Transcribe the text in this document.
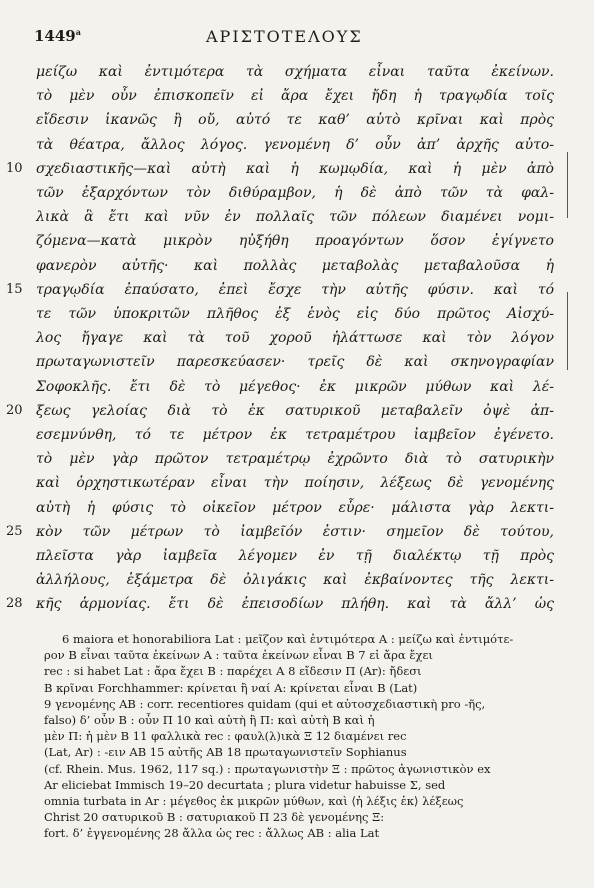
1449$^a$	ΑΡΙΣΤΟΤΕΛΟΥΣ
μείζω καὶ ἐντιμότερα τὰ σχήματα εἶναι ταῦτα ἐκείνων.
τὸ μὲν οὖν ἐπισκοπεῖν εἰ ἄρα ἔχει ἤδη ἡ τραγῳδία τοῖς
εἴδεσιν ἱκανῶς ἢ οὔ, αὐτό τε καθ’ αὑτὸ κρῖναι καὶ πρὸς
τὰ θέατρα, ἄλλος λόγος. γενομένη δ’ οὖν ἀπ’ ἀρχῆς αὐτο-
10 σχεδιαστικῆς—καὶ αὐτὴ καὶ ἡ κωμῳδία, καὶ ἡ μὲν ἀπὸ
τῶν ἐξαρχόντων τὸν διθύραμβον, ἡ δὲ ἀπὸ τῶν τὰ φαλ-
λικὰ ἃ ἔτι καὶ νῦν ἐν πολλαῖς τῶν πόλεων διαμένει νομι-
ζόμενα—κατὰ μικρὸν ηὐξήθη προαγόντων ὅσον ἐγίγνετο
φανερὸν αὐτῆς· καὶ πολλὰς μεταβολὰς μεταβαλοῦσα ἡ
15 τραγῳδία ἐπαύσατο, ἐπεὶ ἔσχε τὴν αὑτῆς φύσιν. καὶ τό
τε τῶν ὑποκριτῶν πλῆθος ἐξ ἑνὸς εἰς δύο πρῶτος Αἰσχύ-
λος ἤγαγε καὶ τὰ τοῦ χοροῦ ἠλάττωσε καὶ τὸν λόγον
πρωταγωνιστεῖν παρεσκεύασεν· τρεῖς δὲ καὶ σκηνογραφίαν
Σοφοκλῆς. ἔτι δὲ τὸ μέγεθος· ἐκ μικρῶν μύθων καὶ λέ-
20 ξεως γελοίας διὰ τὸ ἐκ σατυρικοῦ μεταβαλεῖν ὀψὲ ἀπ-
εσεμνύνθη, τό τε μέτρον ἐκ τετραμέτρου ἰαμβεῖον ἐγένετο.
τὸ μὲν γὰρ πρῶτον τετραμέτρῳ ἐχρῶντο διὰ τὸ σατυρικὴν
καὶ ὀρχηστικωτέραν εἶναι τὴν ποίησιν, λέξεως δὲ γενομένης
αὐτὴ ἡ φύσις τὸ οἰκεῖον μέτρον εὗρε· μάλιστα γὰρ λεκτι-
25 κὸν τῶν μέτρων τὸ ἰαμβεῖόν ἐστιν· σημεῖον δὲ τούτου,
πλεῖστα γὰρ ἰαμβεῖα λέγομεν ἐν τῇ διαλέκτῳ τῇ πρὸς
ἀλλήλους, ἑξάμετρα δὲ ὀλιγάκις καὶ ἐκβαίνοντες τῆς λεκτι-
28 κῆς ἁρμονίας. ἔτι δὲ ἐπεισοδίων πλήθη. καὶ τὰ ἄλλ’ ὡς
6 maiora et honorabiliora Lat : μεῖζον καὶ ἐντιμότερα A : μείζω καὶ ἐντιμότε-
ρον B εἶναι ταῦτα ἐκείνων A : ταῦτα ἐκείνων εἶναι B 7 εἰ ἄρα ἔχει
rec : si habet Lat : ἄρα ἔχει B : παρέχει A 8 εἴδεσιν Π (Ar): ἤδεσι
B κρῖναι Forchhammer: κρίνεται ἢ ναί A: κρίνεται εἶναι B (Lat)
9 γενομένης AB : corr. recentiores quidam (qui et αὐτοσχεδιαστικὴ pro -ῆς,
falso) δ’ οὖν B : οὖν Π 10 καὶ αὐτὴ ἢ Π: καὶ αὐτὴ B καὶ ἡ
μὲν Π: ἡ μὲν B 11 φαλλικὰ rec : φαυλ(λ)ικὰ Ξ 12 διαμένει rec
(Lat, Ar) : -ειν AB 15 αὐτῆς AB 18 πρωταγωνιστεῖν Sophianus
(cf. Rhein. Mus. 1962, 117 sq.) : πρωταγωνιστὴν Ξ : πρῶτος ἀγωνιστικὸν ex
Ar eliciebat Immisch 19–20 decurtata ; plura videtur habuisse Σ, sed
omnia turbata in Ar : μέγεθος ἐκ μικρῶν μύθων, καὶ ⟨ἡ λέξις ἐκ⟩ λέξεως
Christ 20 σατυρικοῦ B : σατυριακοῦ Π 23 δὲ γενομένης Ξ:
fort. δ’ ἐγγενομένης 28 ἄλλα ὡς rec : ἄλλως AB : alia Lat
